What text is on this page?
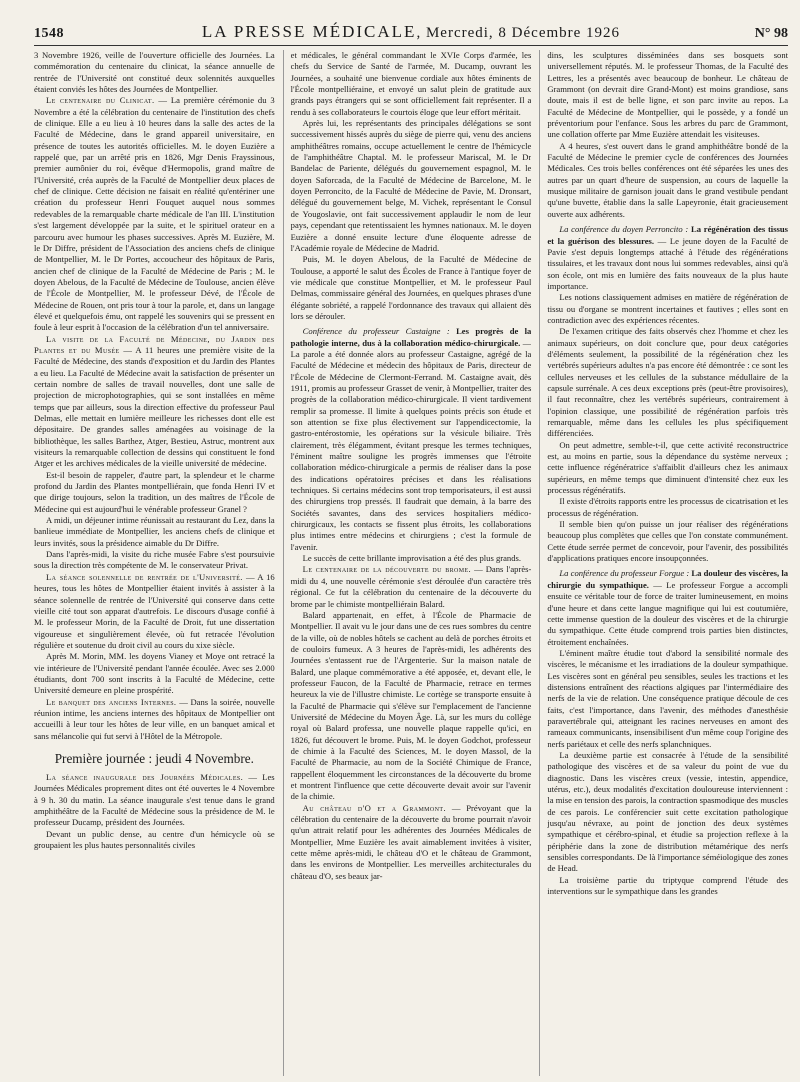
1548	LA PRESSE MÉDICALE, Mercredi, 8 Décembre 1926	N° 98

3 Novembre 1926, veille de l'ouverture officielle des Journées. La commémoration du centenaire du clinicat, la séance annuelle de rentrée de l'Université ont constitué deux solennités auxquelles étaient conviés les hôtes des Journées de Montpellier.

Le centenaire du Clinicat. — La première cérémonie du 3 Novembre a été la célébration du centenaire de l'institution des chefs de clinique. Elle a eu lieu à 10 heures dans la salle des actes de la Faculté de Médecine, dans le grand appareil universitaire, en présence de toutes les autorités officielles. M. le doyen Euzière a rappelé que, par un arrêté pris en 1826, Mgr Denis Frayssinous, premier aumônier du roi, évêque d'Hermopolis, grand maître de l'Université, créa auprès de la Faculté de Montpellier deux places de chef de clinique. Cette décision ne faisait en réalité qu'entériner une création du professeur Henri Fouquet auquel nous sommes redevables de la remarquable charte médicale de l'an III. L'institution s'est largement développée par la suite, et le spirituel orateur en a parcouru avec humour les phases successives. Après M. Euzière, M. le Dr Diffre, président de l'Association des anciens chefs de clinique de Montpellier, M. le Dr Portes, accoucheur des hôpitaux de Paris, ancien chef de clinique de la Faculté de Médecine de Paris ; M. le doyen Abelous, de la Faculté de Médecine de Toulouse, ancien élève de l'École de Montpellier, M. le professeur Dévé, de l'École de Médecine de Rouen, ont pris tour à tour la parole, et, dans un langage élevé et quelquefois ému, ont rappelé les souvenirs qui se pressent en foule à leur esprit à l'occasion de la célébration d'un tel anniversaire.

La visite de la Faculté de Médecine, du Jardin des Plantes et du Musée — A 11 heures une première visite de la Faculté de Médecine, des stands d'exposition et du Jardin des Plantes a eu lieu. La Faculté de Médecine avait la satisfaction de présenter un certain nombre de salles de travail nouvelles, dont une salle de projection de microphotographies, qui se sont installées en même temps que par ailleurs, sous la direction effective du professeur Paul Delmas, elle mettait en lumière meilleure les richesses dont elle est dépositaire. De grandes salles aménagées au voisinage de la bibliothèque, les salles Barthez, Atger, Bestieu, Astruc, montrent aux visiteurs la remarquable collection de dessins qui constituent le fond Atger et les archives médicales de la vieille université de médecine.

Est-il besoin de rappeler, d'autre part, la splendeur et le charme profond du Jardin des Plantes montpelliérain, que fonda Henri IV et que dirige toujours, selon la tradition, un des maîtres de l'École de Médecine qui est aujourd'hui le vénérable professeur Granel ?

A midi, un déjeuner intime réunissait au restaurant du Lez, dans la banlieue immédiate de Montpellier, les anciens chefs de clinique et leurs invités, sous la présidence aimable du Dr Diffre.

Dans l'après-midi, la visite du riche musée Fabre s'est poursuivie sous la direction très compétente de M. le conservateur Privat.

La séance solennelle de rentrée de l'Université. — A 16 heures, tous les hôtes de Montpellier étaient invités à assister à la séance solennelle de rentrée de l'Université qui conserve dans cette vieille cité tout son apparat d'autrefois. Le discours d'usage confié à M. le professeur Morin, de la Faculté de Droit, fut une dissertation vigoureuse et singulièrement élevée, où fut retracée l'évolution régulière et soutenue du droit civil au cours du xixe siècle.

Après M. Morin, MM. les doyens Vianey et Moye ont retracé la vie intérieure de l'Université pendant l'année écoulée. Avec ses 2.000 étudiants, dont 700 sont inscrits à la Faculté de Médecine, cette Université demeure en pleine prospérité.

Le banquet des anciens Internes. — Dans la soirée, nouvelle réunion intime, les anciens internes des hôpitaux de Montpellier ont accueilli à leur tour les hôtes de leur ville, en un banquet amical et sans mélancolie qui fut servi à l'Hôtel de la Métropole.

Première journée : jeudi 4 Novembre.

La séance inaugurale des Journées Médicales. — Les Journées Médicales proprement dites ont été ouvertes le 4 Novembre à 9 h. 30 du matin. La séance inaugurale s'est tenue dans le grand amphithéâtre de la Faculté de Médecine sous la présidence de M. le professeur Ducamp, président des Journées.

Devant un public dense, au centre d'un hémicycle où se groupaient les plus hautes personnalités civiles

et médicales, le général commandant le XVIe Corps d'armée, les chefs du Service de Santé de l'armée, M. Ducamp, ouvrant les Journées, a souhaité une bienvenue cordiale aux hôtes éminents de l'École montpelliéraine, et envoyé un salut plein de gratitude aux grands pays étrangers qui se sont officiellement fait représenter. Il a rendu à ses collaborateurs le courtois éloge que leur effort méritait.

Après lui, les représentants des principales délégations se sont successivement hissés auprès du siège de pierre qui, venu des anciens amphithéâtres romains, occupe actuellement le centre de l'hémicycle de l'amphithéâtre Chaptal. M. le professeur Mariscal, M. le Dr Bandelac de Pariente, délégués du gouvernement espagnol, M. le doyen Saforcada, de la Faculté de Médecine de Barcelone, M. le doyen Perroncito, de la Faculté de Médecine de Pavie, M. Dronsart, délégué du gouvernement belge, M. Vichek, représentant le Consul de Yougoslavie, ont fait successivement applaudir le nom de leur pays, cependant que retentissaient les hymnes nationaux. M. le doyen Euzière a donné ensuite lecture d'une éloquente adresse de l'Académie royale de Médecine de Madrid.

Puis, M. le doyen Abelous, de la Faculté de Médecine de Toulouse, a apporté le salut des Écoles de France à l'antique foyer de vie médicale que constitue Montpellier, et M. le professeur Paul Delmas, commissaire général des Journées, en quelques phrases d'une élégante sobriété, a rappelé l'ordonnance des travaux qui allaient dès lors se dérouler.

Conférence du professeur Castaigne : Les progrès de la pathologie interne, dus à la collaboration médico-chirurgicale. — La parole a été donnée alors au professeur Castaigne, agrégé de la Faculté de Médecine et médecin des hôpitaux de Paris, directeur de l'École de Médecine de Clermont-Ferrand. M. Castaigne avait, dès 1911, promis au professeur Grasset de venir, à Montpellier, traiter des progrès de la collaboration médico-chirurgicale. Il vient tardivement remplir sa promesse. Il limite à quelques points précis son étude et son attention se fixe plus électivement sur l'appendicectomie, la gastro-entérostomie, les opérations sur la vésicule biliaire. Très clairement, très élégamment, évitant presque les termes techniques, l'éminent maître souligne les progrès immenses que l'étroite collaboration médico-chirurgicale a permis de réaliser dans la pose des indications opératoires précises et dans les réalisations techniques. Si certains médecins sont trop temporisateurs, il est aussi des chirurgiens trop pressés. Il faudrait que demain, à la barre des Sociétés savantes, dans des services hospitaliers médico-chirurgicaux, les contacts se fissent plus étroits, les collaborations plus intimes entre médecins et chirurgiens ; c'est la formule de l'avenir.

Le succès de cette brillante improvisation a été des plus grands.

Le centenaire de la découverte du brome. — Dans l'après-midi du 4, une nouvelle cérémonie s'est déroulée d'un caractère très régional. Ce fut la célébration du centenaire de la découverte du brome par le chimiste montpelliérain Balard.

Balard appartenait, en effet, à l'École de Pharmacie de Montpellier. Il avait vu le jour dans une de ces rues sombres du centre de la ville, où de nobles hôtels se cachent au delà de porches étroits et de couloirs fumeux. A 3 heures de l'après-midi, les adhérents des Journées s'entassent rue de l'Argenterie. Sur la maison natale de Balard, une plaque commémorative a été apposée, et, devant elle, le professeur Faucon, de la Faculté de Pharmacie, retrace en termes heureux la vie de l'illustre chimiste. Le cortège se transporte ensuite à la Faculté de Pharmacie qui s'élève sur l'emplacement de l'ancienne Université de Médecine du Moyen Âge. Là, sur les murs du collège royal où Balard professa, une nouvelle plaque rappelle qu'ici, en 1826, fut découvert le brome. Puis, M. le doyen Godchot, professeur de chimie à la Faculté des Sciences, M. le doyen Massol, de la Faculté de Pharmacie, au nom de la Société Chimique de France, rappellent éloquemment les circonstances de la découverte du brome et montrent l'influence que cette découverte devait avoir sur l'avenir de la chimie.

Au château d'O et a Grammont. — Prévoyant que la célébration du centenaire de la découverte du brome pourrait n'avoir qu'un attrait relatif pour les adhérentes des Journées Médicales de Montpellier, Mme Euzière les avait aimablement invitées à visiter, cette même après-midi, le château d'O et le château de Grammont, dans les environs de Montpellier. Les merveilles architecturales du château d'O, ses beaux jar-

dins, les sculptures disséminées dans ses bosquets sont universellement réputés. M. le professeur Thomas, de la Faculté des Lettres, les a présentés avec beaucoup de bonheur. Le château de Grammont (on devrait dire Grand-Mont) est moins grandiose, sans doute, mais il est de belle ligne, et son parc invite au repos. La Faculté de Médecine de Montpellier, qui le possède, y a fondé un préventorium pour l'enfance. Sous les arbres du parc de Grammont, une collation offerte par Mme Euzière attendait les visiteuses.

A 4 heures, s'est ouvert dans le grand amphithéâtre bondé de la Faculté de Médecine le premier cycle de conférences des Journées Médicales. Ces trois belles conférences ont été séparées les unes des autres par un quart d'heure de suspension, au cours de laquelle la musique militaire de garnison jouait dans le grand vestibule pendant qu'une buvette, établie dans la salle Lapeyronie, était gracieusement ouverte aux adhérents.

La conférence du doyen Perroncito : La régénération des tissus et la guérison des blessures. — Le jeune doyen de la Faculté de Pavie s'est depuis longtemps attaché à l'étude des régénérations tissulaires, et les travaux dont nous lui sommes redevables, ainsi qu'à son école, ont mis en lumière des faits nouveaux de la plus haute importance.

Les notions classiquement admises en matière de régénération de tissu ou d'organe se montrent incertaines et fautives ; elles sont en contradiction avec des expériences récentes.

De l'examen critique des faits observés chez l'homme et chez les animaux supérieurs, on doit conclure que, pour deux catégories d'éléments seulement, la possibilité de la régénération chez les vertébrés supérieurs adultes n'a pas encore été démontrée : ce sont les cellules nerveuses et les cellules de la substance médullaire de la capsule surrénale. A ces deux exceptions près (peut-être provisoires), il faut reconnaître, chez les vertébrés supérieurs, contrairement à l'opinion classique, une possibilité de régénération parfois très remarquable, même dans les cellules les plus spécifiquement différenciées.

On peut admettre, semble-t-il, que cette activité reconstructrice est, au moins en partie, sous la dépendance du système nerveux ; cette influence régénératrice s'affaiblit d'ailleurs chez les animaux supérieurs, en même temps que diminuent d'intensité chez eux les processus régénératifs.

Il existe d'étroits rapports entre les processus de cicatrisation et les processus de régénération.

Il semble bien qu'on puisse un jour réaliser des régénérations beaucoup plus complètes que celles que l'on constate communément. Cette étude serrée permet de concevoir, pour l'avenir, des possibilités d'applications pratiques encore insoupçonnées.

La conférence du professeur Forgue : La douleur des viscères, la chirurgie du sympathique. — Le professeur Forgue a accompli ensuite ce véritable tour de force de traiter lumineusement, en moins d'une heure et dans cette langue magnifique qui lui est coutumière, cette immense question de la douleur des viscères et de la chirurgie du sympathique. Cette étude comprend trois parties bien distinctes, étroitement enchaînées.

L'éminent maître étudie tout d'abord la sensibilité normale des viscères, le mécanisme et les irradiations de la douleur sympathique. Les viscères sont en général peu sensibles, seules les tractions et les distensions entraînent des réactions algiques par l'intermédiaire des nerfs de la vie de relation. Une conséquence pratique découle de ces faits, c'est l'importance, dans l'avenir, des méthodes d'anesthésie paravertébrale qui, atteignant les racines nerveuses en amont des rameaux communicants, insensibilisent d'un même coup l'origine des nerfs pariétaux et celle des nerfs splanchniques.

La deuxième partie est consacrée à l'étude de la sensibilité pathologique des viscères et de sa valeur du point de vue du diagnostic. Dans les viscères creux (vessie, intestin, appendice, utérus, etc.), deux modalités d'excitation douloureuse interviennent : la mise en tension des parois, la contraction spasmodique des muscles de ces parois. Le conférencier suit cette excitation pathologique jusqu'au névraxe, au point de jonction des deux systèmes sympathique et cérébro-spinal, et étudie sa projection reflexe à la périphérie dans la zone de distribution métamérique des nerfs sensibles correspondants. De là l'importance séméiologique des zones de Head.

La troisième partie du triptyque comprend l'étude des interventions sur le sympathique dans les grandes
